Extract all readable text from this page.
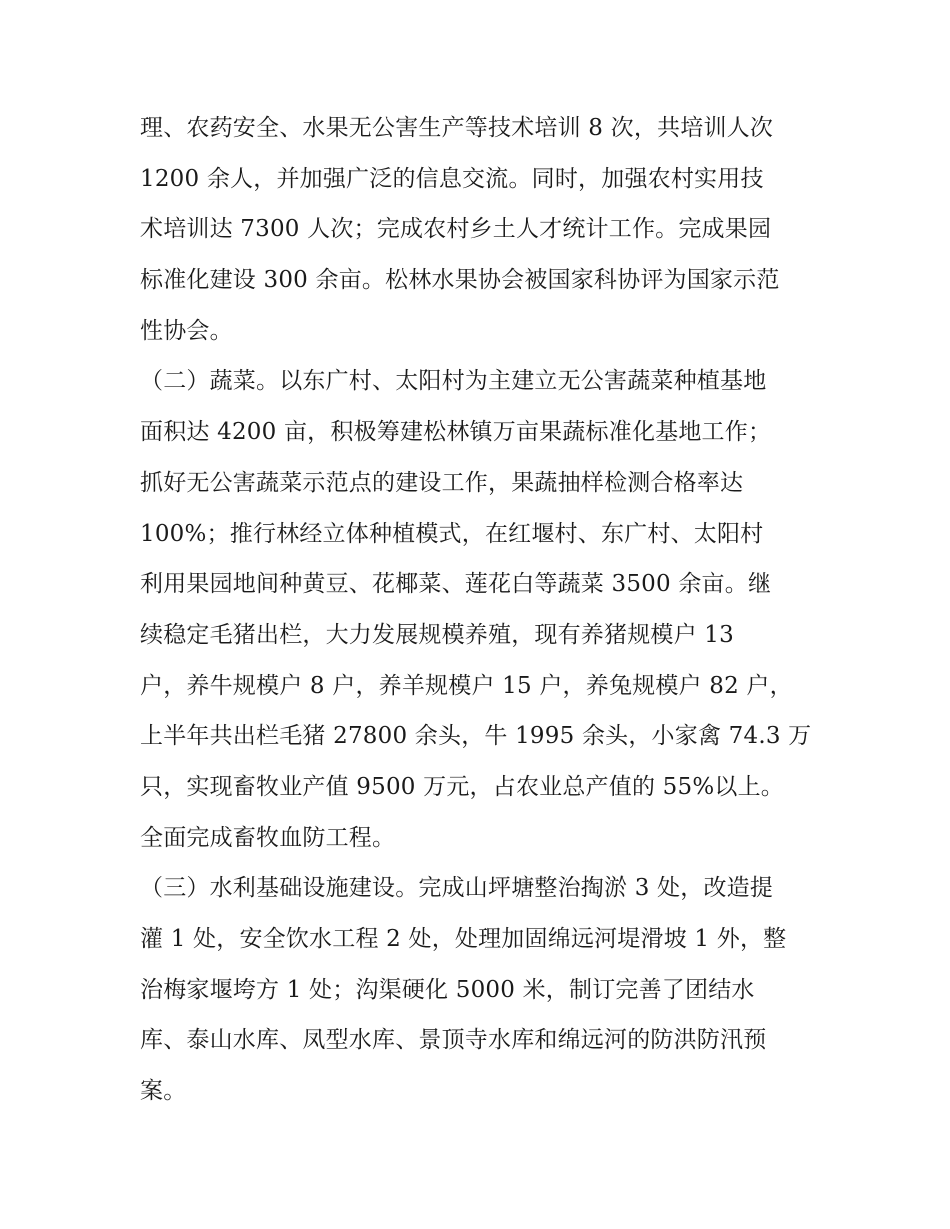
理、农药安全、水果无公害生产等技术培训 8 次，共培训人次
1200 余人，并加强广泛的信息交流。同时，加强农村实用技
术培训达 7300 人次；完成农村乡土人才统计工作。完成果园
标准化建设 300 余亩。松林水果协会被国家科协评为国家示范
性协会。
（二）蔬菜。以东广村、太阳村为主建立无公害蔬菜种植基地
面积达 4200 亩，积极筹建松林镇万亩果蔬标准化基地工作；
抓好无公害蔬菜示范点的建设工作，果蔬抽样检测合格率达
100%；推行林经立体种植模式，在红堰村、东广村、太阳村
利用果园地间种黄豆、花椰菜、莲花白等蔬菜 3500 余亩。继
续稳定毛猪出栏，大力发展规模养殖，现有养猪规模户 13
户，养牛规模户 8 户，养羊规模户 15 户，养兔规模户 82 户，
上半年共出栏毛猪 27800 余头，牛 1995 余头，小家禽 74.3 万
只，实现畜牧业产值 9500 万元，占农业总产值的 55%以上。
全面完成畜牧血防工程。
（三）水利基础设施建设。完成山坪塘整治掏淤 3 处，改造提
灌 1 处，安全饮水工程 2 处，处理加固绵远河堤滑坡 1 外，整
治梅家堰垮方 1 处；沟渠硬化 5000 米，制订完善了团结水
库、泰山水库、凤型水库、景顶寺水库和绵远河的防洪防汛预
案。
